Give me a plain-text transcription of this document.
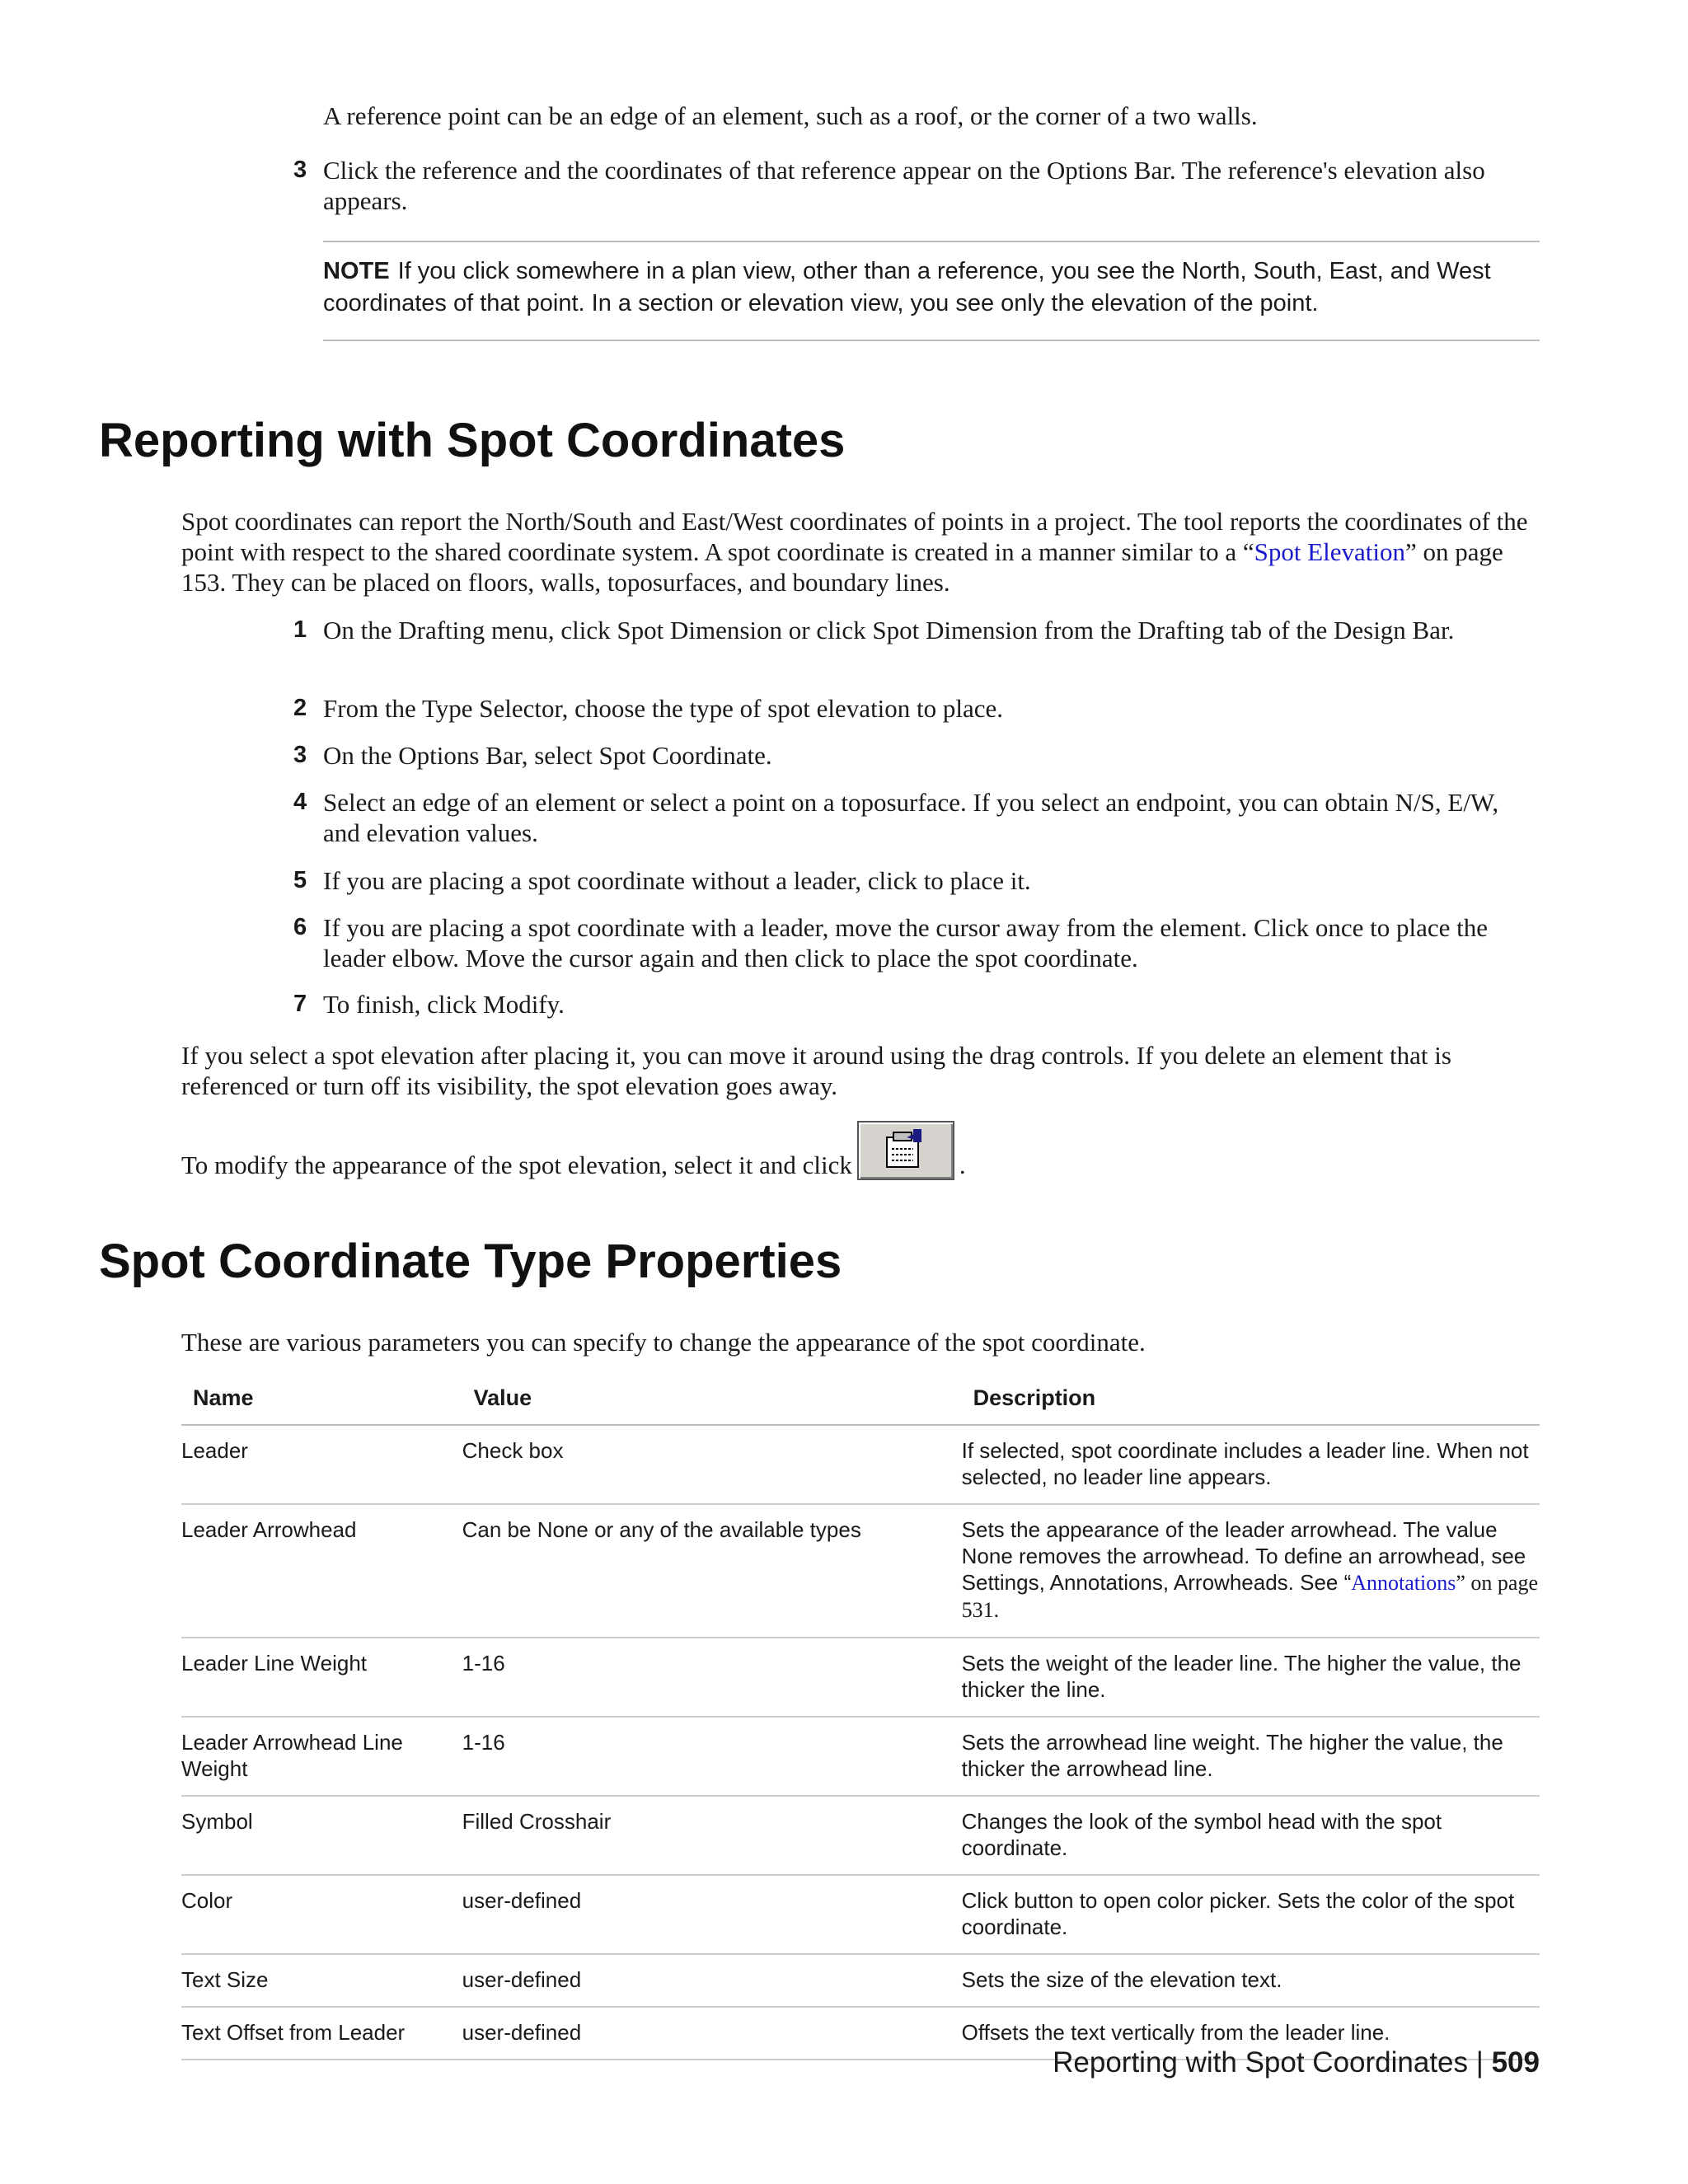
A reference point can be an edge of an element, such as a roof, or the corner of a two walls.

3 Click the reference and the coordinates of that reference appear on the Options Bar. The reference's elevation also appears.
NOTE If you click somewhere in a plan view, other than a reference, you see the North, South, East, and West coordinates of that point. In a section or elevation view, you see only the elevation of the point.
Reporting with Spot Coordinates

Spot coordinates can report the North/South and East/West coordinates of points in a project. The tool reports the coordinates of the point with respect to the shared coordinate system. A spot coordinate is created in a manner similar to a “Spot Elevation” on page 153. They can be placed on floors, walls, toposurfaces, and boundary lines.

1 On the Drafting menu, click Spot Dimension or click Spot Dimension from the Drafting tab of the Design Bar.
2 From the Type Selector, choose the type of spot elevation to place.
3 On the Options Bar, select Spot Coordinate.
4 Select an edge of an element or select a point on a toposurface. If you select an endpoint, you can obtain N/S, E/W, and elevation values.
5 If you are placing a spot coordinate without a leader, click to place it.
6 If you are placing a spot coordinate with a leader, move the cursor away from the element. Click once to place the leader elbow. Move the cursor again and then click to place the spot coordinate.
7 To finish, click Modify.

If you select a spot elevation after placing it, you can move it around using the drag controls. If you delete an element that is referenced or turn off its visibility, the spot elevation goes away.

To modify the appearance of the spot elevation, select it and click	.

Spot Coordinate Type Properties

These are various parameters you can specify to change the appearance of the spot coordinate.

Name	Value	Description
Leader	Check box	If selected, spot coordinate includes a leader line. When not selected, no leader line appears.
Leader Arrowhead	Can be None or any of the available types	Sets the appearance of the leader arrowhead. The value None removes the arrowhead. To define an arrowhead, see Settings, Annotations, Arrowheads. See “Annotations” on page 531.
Leader Line Weight	1-16	Sets the weight of the leader line. The higher the value, the thicker the line.
Leader Arrowhead Line Weight	1-16	Sets the arrowhead line weight. The higher the value, the thicker the arrowhead line.
Symbol	Filled Crosshair	Changes the look of the symbol head with the spot coordinate.
Color	user-defined	Click button to open color picker. Sets the color of the spot coordinate.
Text Size	user-defined	Sets the size of the elevation text.
Text Offset from Leader	user-defined	Offsets the text vertically from the leader line.
Reporting with Spot Coordinates | 509
